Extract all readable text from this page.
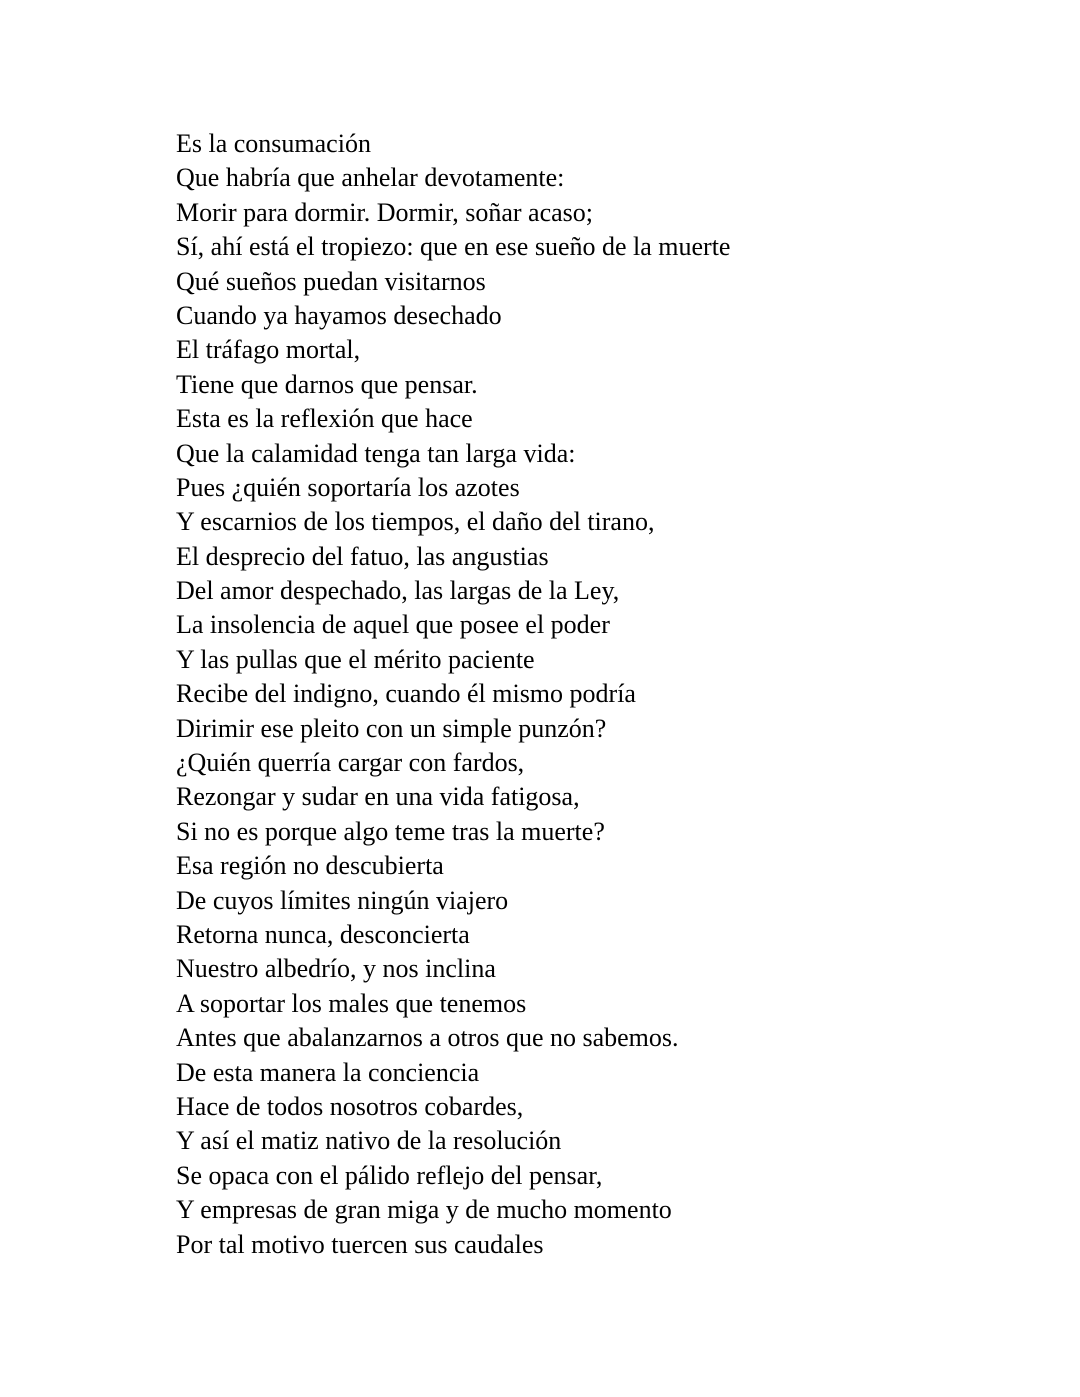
Es la consumación
Que habría que anhelar devotamente:
Morir para dormir. Dormir, soñar acaso;
Sí, ahí está el tropiezo: que en ese sueño de la muerte
Qué sueños puedan visitarnos
Cuando ya hayamos desechado
El tráfago mortal,
Tiene que darnos que pensar.
Esta es la reflexión que hace
Que la calamidad tenga tan larga vida:
Pues ¿quién soportaría los azotes
Y escarnios de los tiempos, el daño del tirano,
El desprecio del fatuo, las angustias
Del amor despechado, las largas de la Ley,
La insolencia de aquel que posee el poder
Y las pullas que el mérito paciente
Recibe del indigno, cuando él mismo podría
Dirimir ese pleito con un simple punzón?
¿Quién querría cargar con fardos,
Rezongar y sudar en una vida fatigosa,
Si no es porque algo teme tras la muerte?
Esa región no descubierta
De cuyos límites ningún viajero
Retorna nunca, desconcierta
Nuestro albedrío, y nos inclina
A soportar los males que tenemos
Antes que abalanzarnos a otros que no sabemos.
De esta manera la conciencia
Hace de todos nosotros cobardes,
Y así el matiz nativo de la resolución
Se opaca con el pálido reflejo del pensar,
Y empresas de gran miga y de mucho momento
Por tal motivo tuercen sus caudales
